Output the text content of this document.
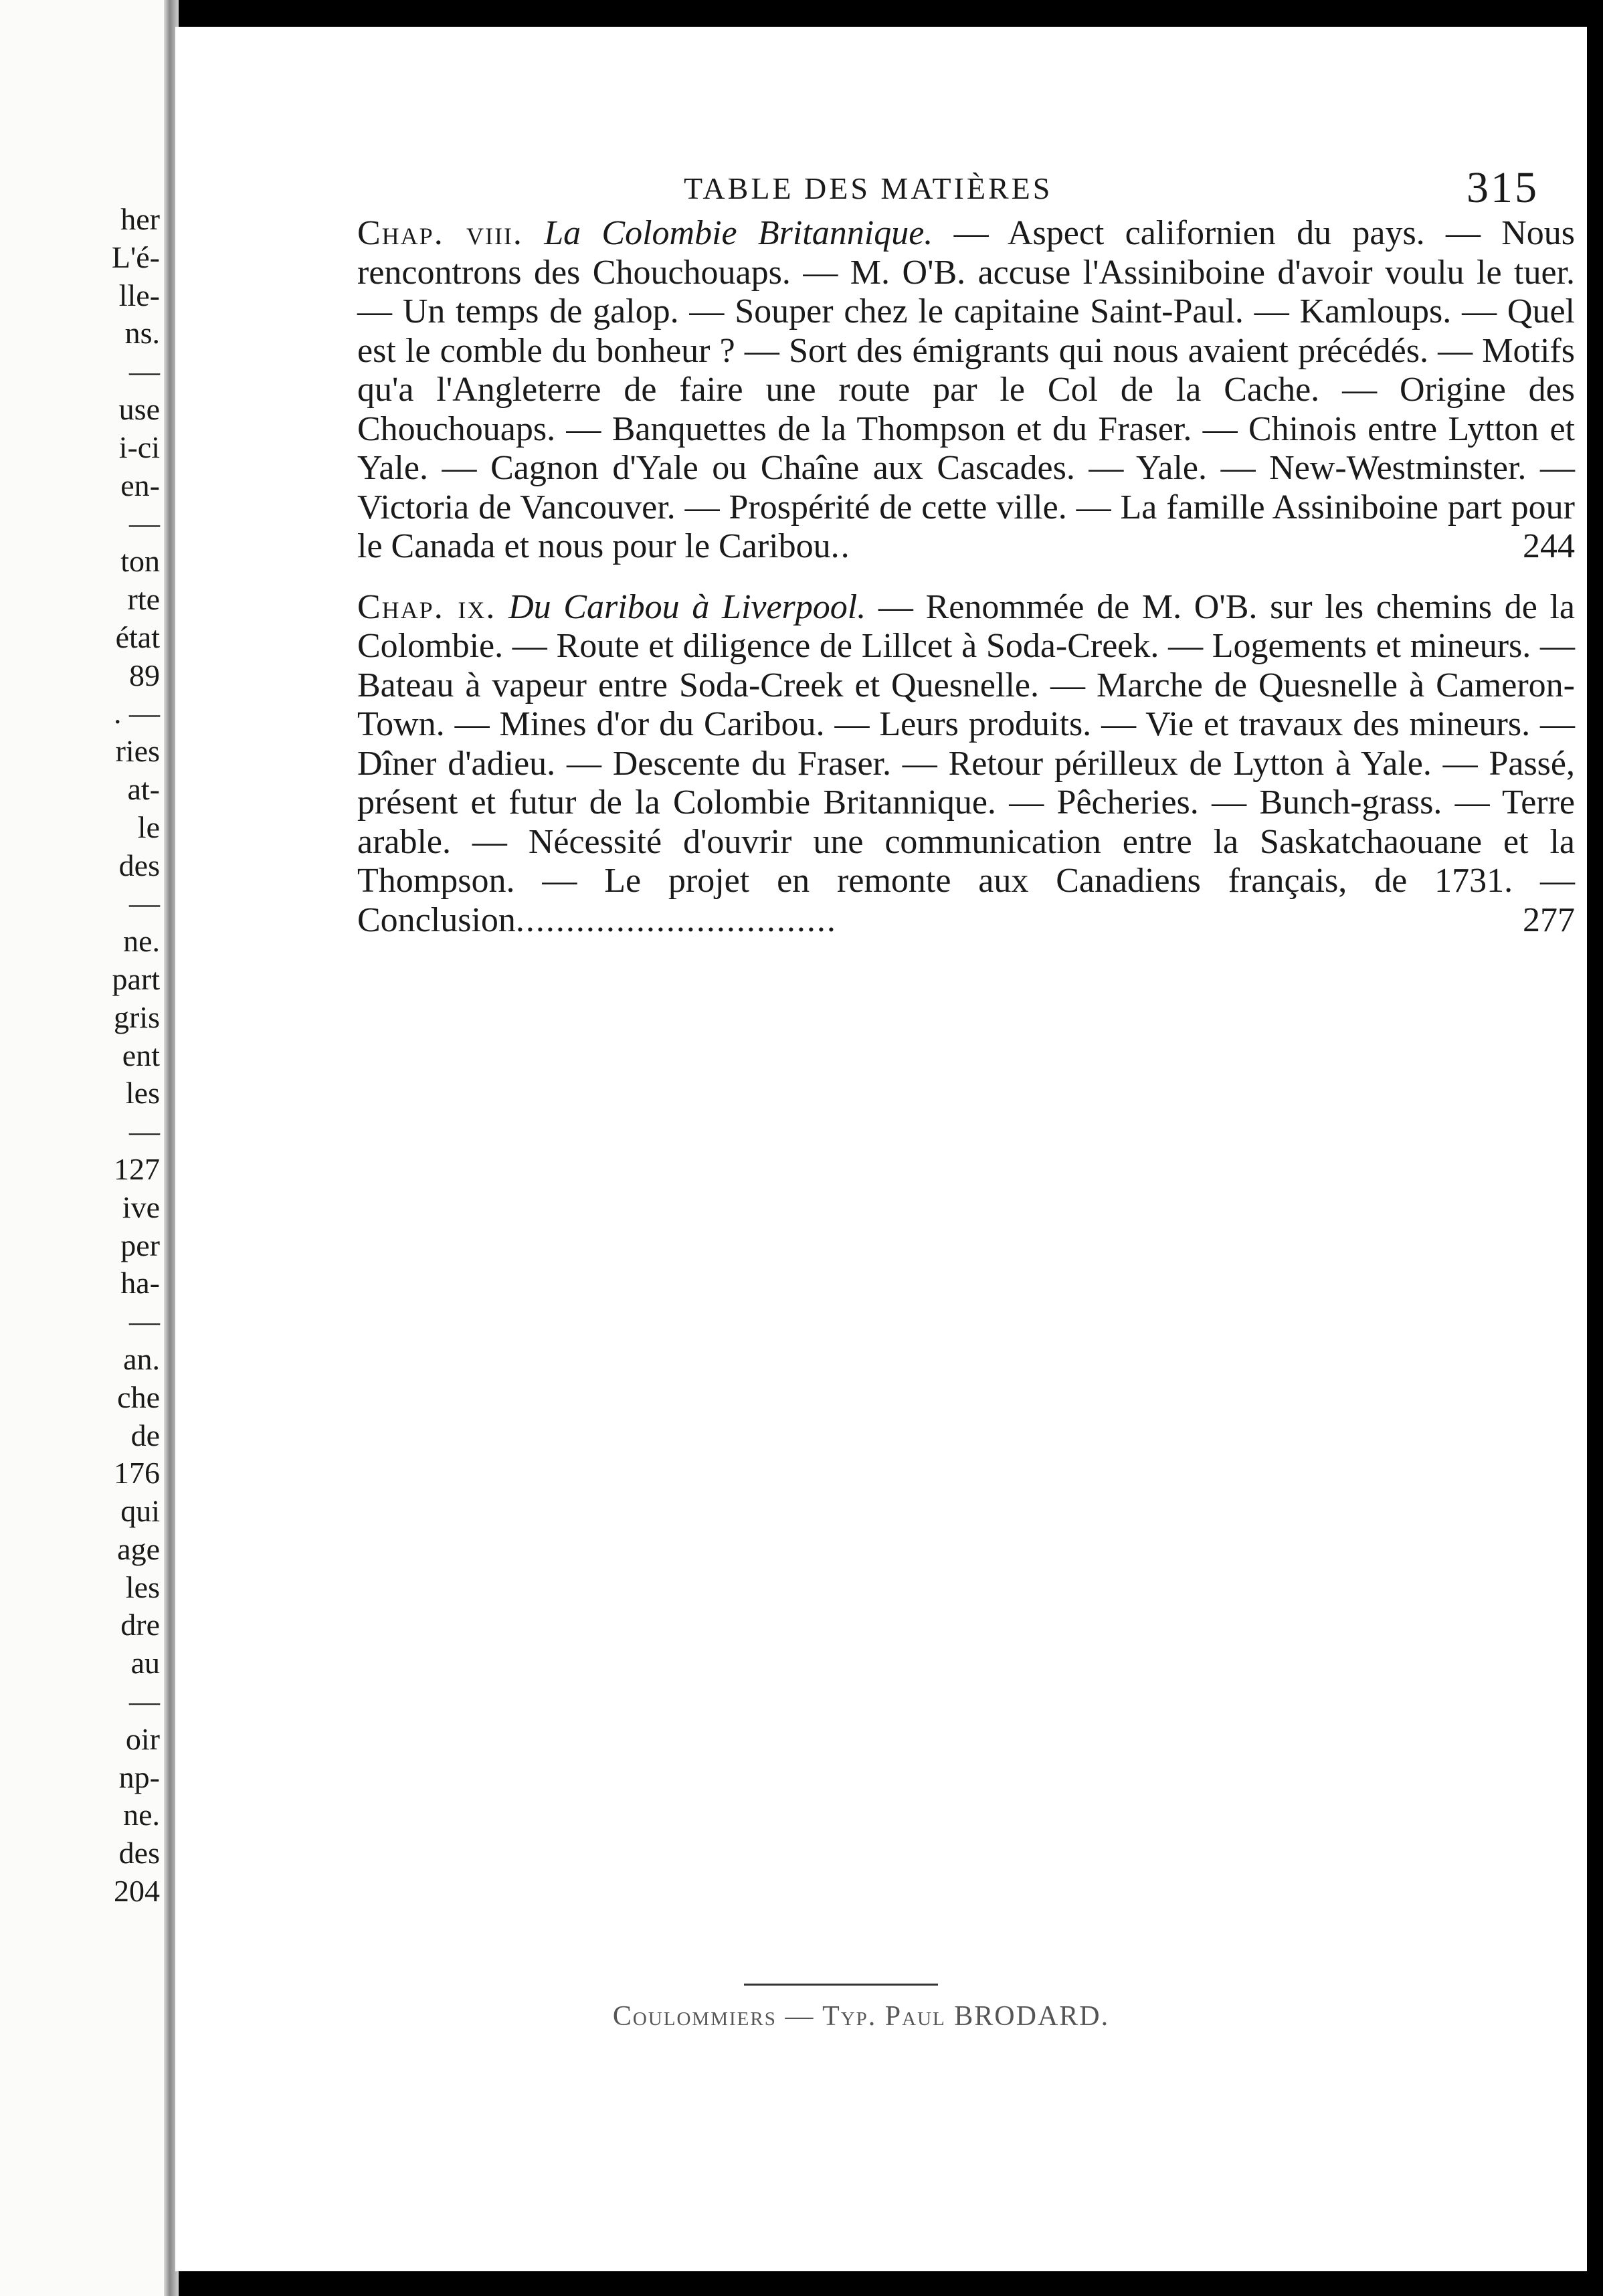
her
L'é-
lle-
ns.
—
use
i-ci
en-
—
ton
rte
état
89
. —
ries
at-
le
des
—
ne.
part
gris
ent
les
—
127
ive
per
ha-
—
an.
che
de
176
qui
age
les
dre
au
—
oir
np-
ne.
des
204
TABLE DES MATIÈRES	315

Chap. viii. La Colombie Britannique. — Aspect californien du pays. — Nous rencontrons des Chouchouaps. — M. O'B. accuse l'Assiniboine d'avoir voulu le tuer. — Un temps de galop. — Souper chez le capitaine Saint-Paul. — Kamloups. — Quel est le comble du bonheur ? — Sort des émigrants qui nous avaient précédés. — Motifs qu'a l'Angleterre de faire une route par le Col de la Cache. — Origine des Chouchouaps. — Banquettes de la Thompson et du Fraser. — Chinois entre Lytton et Yale. — Cagnon d'Yale ou Chaîne aux Cascades. — Yale. — New-Westminster. — Victoria de Vancouver. — Prospérité de cette ville. — La famille Assiniboine part pour le Canada et nous pour le Caribou..	244

Chap. ix. Du Caribou à Liverpool. — Renommée de M. O'B. sur les chemins de la Colombie. — Route et diligence de Lillcet à Soda-Creek. — Logements et mineurs. — Bateau à vapeur entre Soda-Creek et Quesnelle. — Marche de Quesnelle à Cameron-Town. — Mines d'or du Caribou. — Leurs produits. — Vie et travaux des mineurs. — Dîner d'adieu. — Descente du Fraser. — Retour périlleux de Lytton à Yale. — Passé, présent et futur de la Colombie Britannique. — Pêcheries. — Bunch-grass. — Terre arable. — Nécessité d'ouvrir une communication entre la Saskatchaouane et la Thompson. — Le projet en remonte aux Canadiens français, de 1731. — Conclusion................................	277

Coulommiers — Typ. Paul BRODARD.
